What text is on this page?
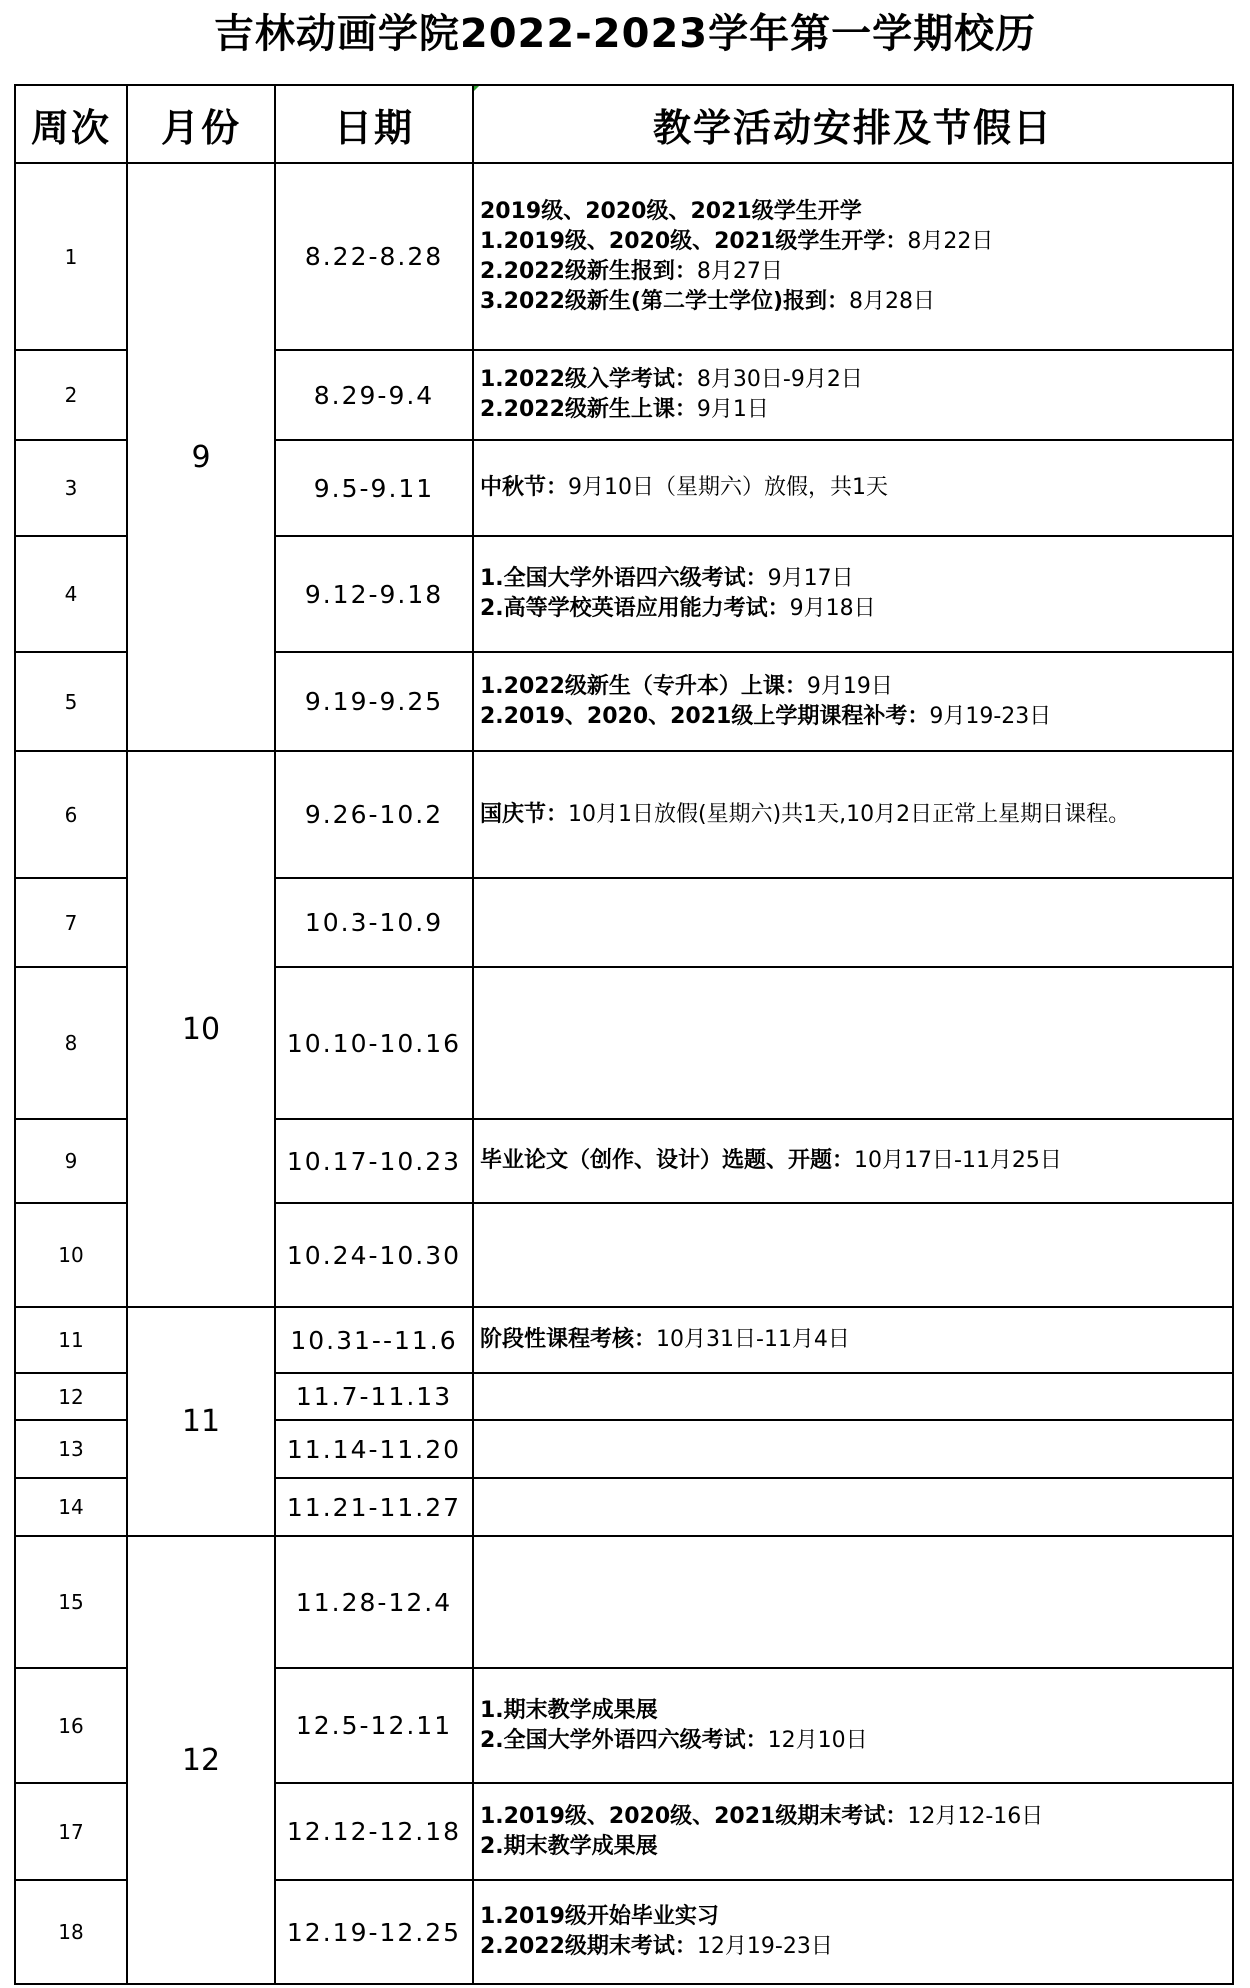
吉林动画学院2022-2023学年第一学期校历
周次	月份	日期	教学活动安排及节假日
1	9	8.22-8.28	2019级、2020级、2021级学生开学
1.2019级、2020级、2021级学生开学：8月22日
2.2022级新生报到：8月27日
3.2022级新生(第二学士学位)报到：8月28日

2		8.29-9.4	1.2022级入学考试：8月30日-9月2日
2.2022级新生上课：9月1日

3		9.5-9.11	中秋节：9月10日（星期六）放假，共1天

4		9.12-9.18	1.全国大学外语四六级考试：9月17日
2.高等学校英语应用能力考试：9月18日

5		9.19-9.25	1.2022级新生（专升本）上课：9月19日
2.2019、2020、2021级上学期课程补考：9月19-23日

6	10	9.26-10.2	国庆节：10月1日放假(星期六)共1天,10月2日正常上星期日课程。

7		10.3-10.9	
8		10.10-10.16	
9		10.17-10.23	毕业论文（创作、设计）选题、开题：10月17日-11月25日

10		10.24-10.30	
11	11	10.31--11.6	阶段性课程考核：10月31日-11月4日

12		11.7-11.13	
13		11.14-11.20	
14		11.21-11.27	
15	12	11.28-12.4	
16		12.5-12.11	1.期末教学成果展
2.全国大学外语四六级考试：12月10日

17		12.12-12.18	1.2019级、2020级、2021级期末考试：12月12-16日
2.期末教学成果展

18		12.19-12.25	1.2019级开始毕业实习
2.2022级期末考试：12月19-23日
